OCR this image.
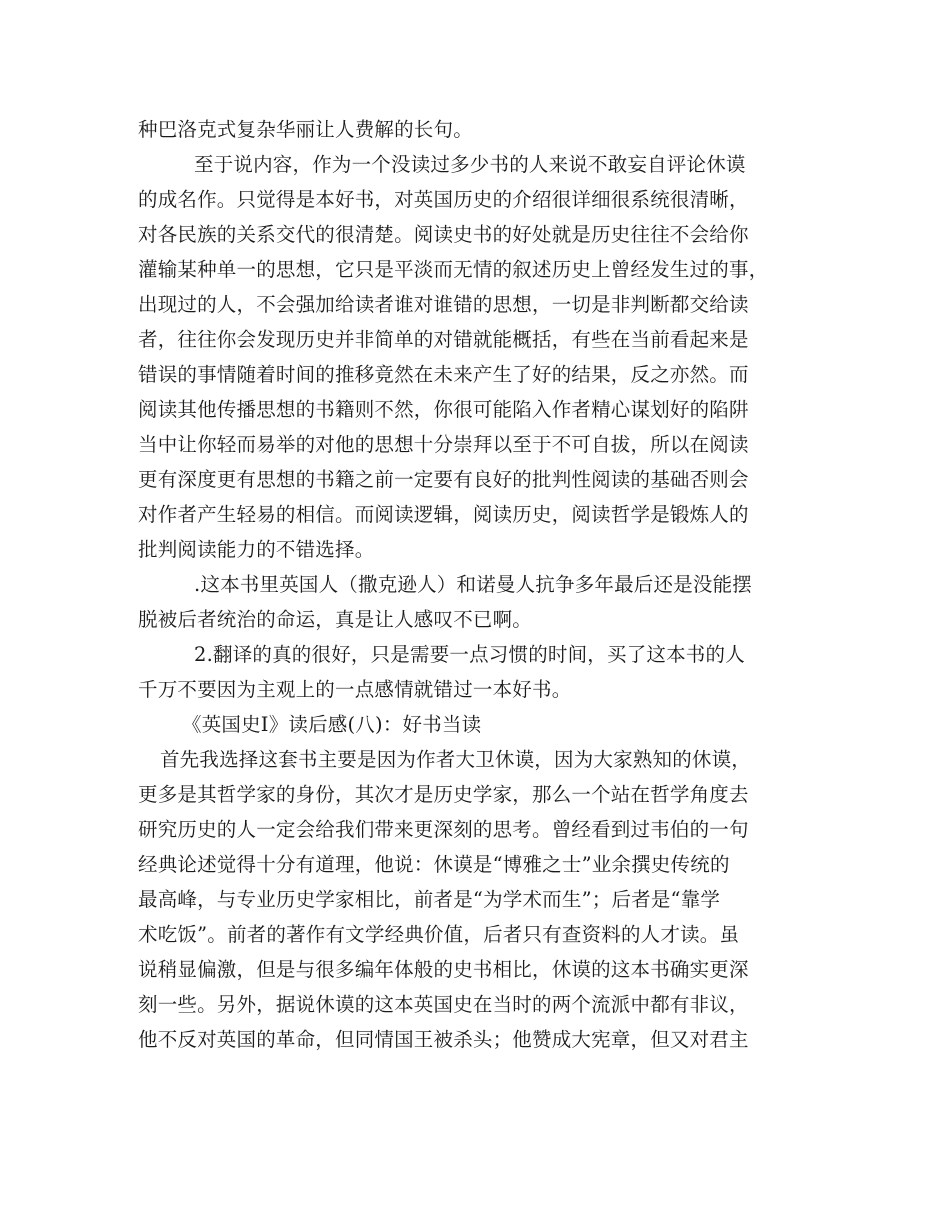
种巴洛克式复杂华丽让人费解的长句。

至于说内容，作为一个没读过多少书的人来说不敢妄自评论休谟

的成名作。只觉得是本好书，对英国历史的介绍很详细很系统很清晰，

对各民族的关系交代的很清楚。阅读史书的好处就是历史往往不会给你

灌输某种单一的思想，它只是平淡而无情的叙述历史上曾经发生过的事，

出现过的人，不会强加给读者谁对谁错的思想，一切是非判断都交给读

者，往往你会发现历史并非简单的对错就能概括，有些在当前看起来是

错误的事情随着时间的推移竟然在未来产生了好的结果，反之亦然。而

阅读其他传播思想的书籍则不然，你很可能陷入作者精心谋划好的陷阱

当中让你轻而易举的对他的思想十分崇拜以至于不可自拔，所以在阅读

更有深度更有思想的书籍之前一定要有良好的批判性阅读的基础否则会

对作者产生轻易的相信。而阅读逻辑，阅读历史，阅读哲学是锻炼人的

批判阅读能力的不错选择。

.这本书里英国人（撒克逊人）和诺曼人抗争多年最后还是没能摆

脱被后者统治的命运，真是让人感叹不已啊。

2.翻译的真的很好，只是需要一点习惯的时间，买了这本书的人

千万不要因为主观上的一点感情就错过一本好书。

《英国史Ⅰ》读后感(八)：好书当读

首先我选择这套书主要是因为作者大卫休谟，因为大家熟知的休谟，

更多是其哲学家的身份，其次才是历史学家，那么一个站在哲学角度去

研究历史的人一定会给我们带来更深刻的思考。曾经看到过韦伯的一句

经典论述觉得十分有道理，他说：休谟是“博雅之士”业余撰史传统的

最高峰，与专业历史学家相比，前者是“为学术而生”；后者是“靠学

术吃饭”。前者的著作有文学经典价值，后者只有查资料的人才读。虽

说稍显偏激，但是与很多编年体般的史书相比，休谟的这本书确实更深

刻一些。另外，据说休谟的这本英国史在当时的两个流派中都有非议，

他不反对英国的革命，但同情国王被杀头；他赞成大宪章，但又对君主
